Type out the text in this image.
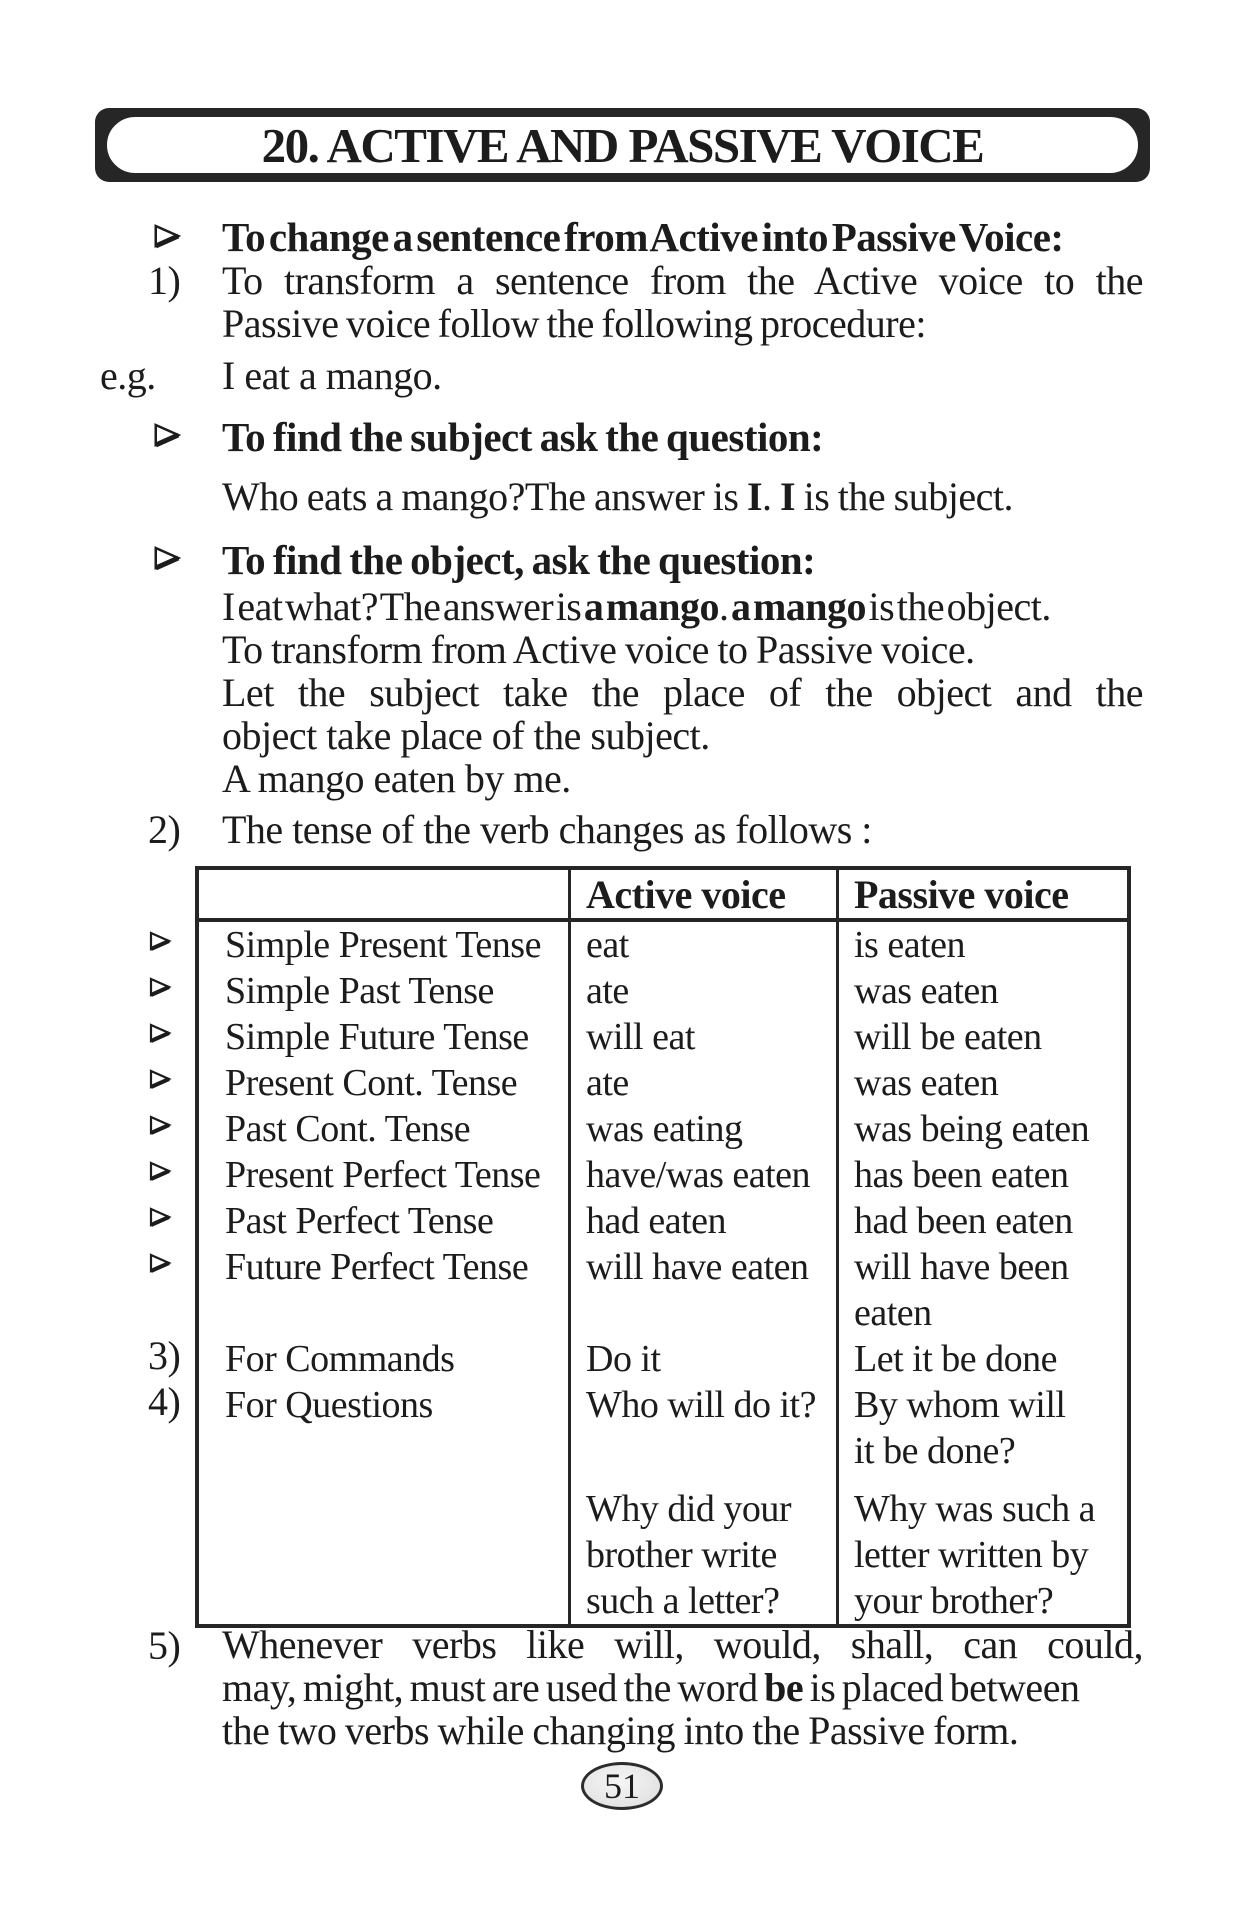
20. ACTIVE AND PASSIVE VOICE
To change a sentence from Active into Passive Voice:
1) To transform a sentence from the Active voice to the
Passive voice follow the following procedure:
e.g. I eat a mango.
To find the subject ask the question:
Who eats a mango?The answer is I. I is the subject.
To find the object, ask the question:
I eat what? The answer is a mango. a mango is the object.
To transform from Active voice to Passive voice.
Let the subject take the place of the object and the
object take place of the subject.
A mango eaten by me.
2) The tense of the verb changes as follows :
3)
4)
Active voice	Passive voice
Simple Present Tense
Simple Past Tense
Simple Future Tense
Present Cont. Tense
Past Cont. Tense
Present Perfect Tense
Past Perfect Tense
Future Perfect Tense
For Commands
For Questions
eat
ate
will eat
ate
was eating
have/was eaten
had eaten
will have eaten
Do it
Who will do it?
Why did your
brother write
such a letter?
is eaten
was eaten
will be eaten
was eaten
was being eaten
has been eaten
had been eaten
will have been
eaten
Let it be done
By whom will
it be done?
Why was such a
letter written by
your brother?
5) Whenever verbs like will, would, shall, can could,
may, might, must are used the word be is placed between
the two verbs while changing into the Passive form.
51
